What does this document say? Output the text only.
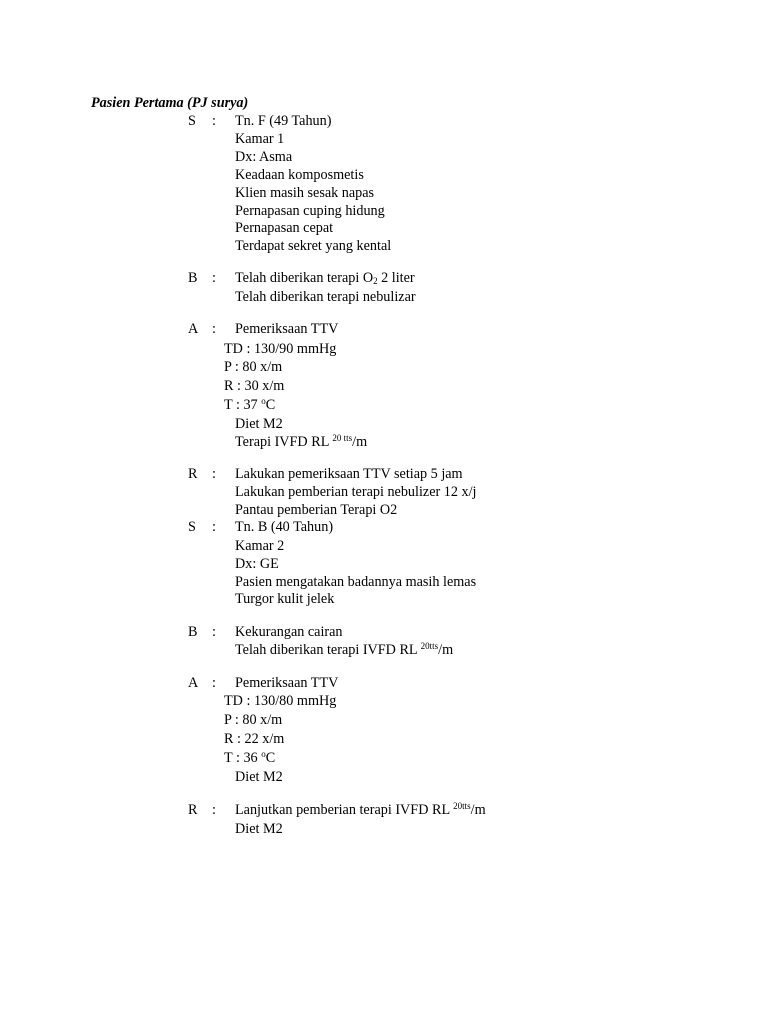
Pasien Pertama (PJ surya)
S	: Tn. F (49 Tahun)
Kamar 1
Dx: Asma
Keadaan komposmetis
Klien masih sesak napas
Pernapasan cuping hidung
Pernapasan cepat
Terdapat sekret yang kental
B	: Telah diberikan terapi $O_2$ 2 liter
Telah diberikan terapi nebulizar
A : Pemeriksaan TTV
TD : 130/90 mmHg
P : 80 x/m
R : 30 x/m
T : 37 $^o$C
Diet M2
Terapi IVFD RL $^{20 tts}$/m
R	: Lakukan pemeriksaan TTV setiap 5 jam
Lakukan pemberian terapi nebulizer 12 x/j
Pantau pemberian Terapi O2
S	: Tn. B (40 Tahun)
Kamar 2
Dx: GE
Pasien mengatakan badannya masih lemas
Turgor kulit jelek
B	: Kekurangan cairan
Telah diberikan terapi IVFD RL $^{20tts}$/m
A : Pemeriksaan TTV
TD : 130/80 mmHg
P : 80 x/m
R : 22 x/m
T : 36 $^o$C
Diet M2
R	: Lanjutkan pemberian terapi IVFD RL $^{20tts}$/m
Diet M2
